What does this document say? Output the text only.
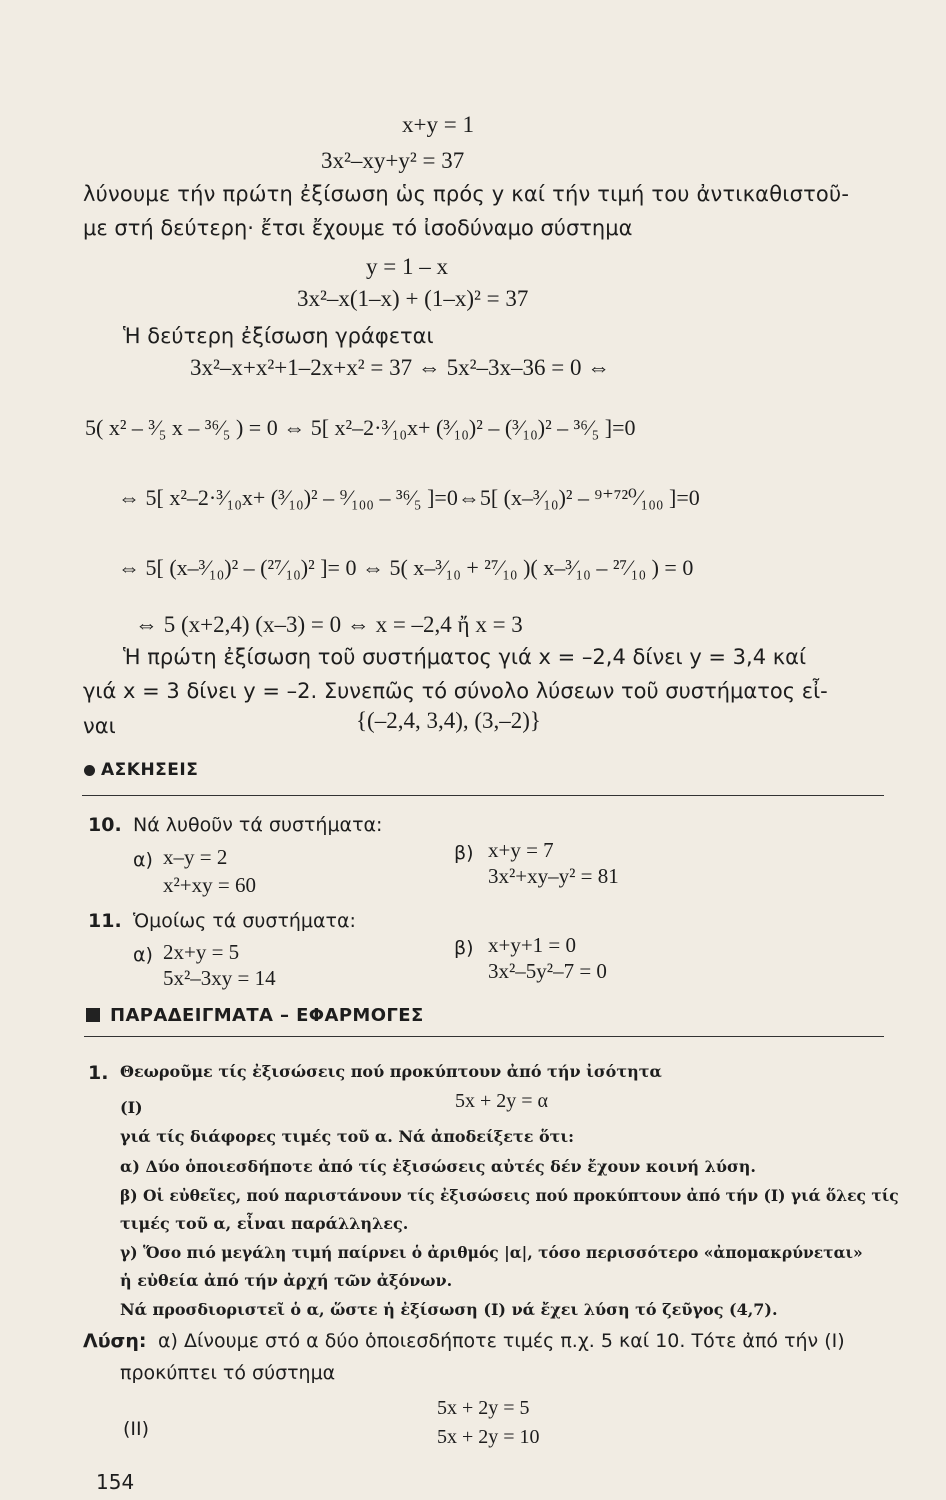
x+y = 1
3x²–xy+y² = 37
λύνουμε τήν πρώτη ἐξίσωση ὡς πρός y καί τήν τιμή του ἀντικαθιστοῦ-
με στή δεύτερη· ἔτσι ἔχουμε τό ἰσοδύναμο σύστημα
y = 1 – x
3x²–x(1–x) + (1–x)² = 37
Ἡ δεύτερη ἐξίσωση γράφεται
3x²–x+x²+1–2x+x² = 37 ⇔ 5x²–3x–36 = 0 ⇔
5( x² – ³⁄₅ x – ³⁶⁄₅ ) = 0 ⇔ 5[ x²–2·³⁄₁₀x+ (³⁄₁₀)² – (³⁄₁₀)² – ³⁶⁄₅ ]=0
⇔ 5[ x²–2·³⁄₁₀x+ (³⁄₁₀)² – ⁹⁄₁₀₀ – ³⁶⁄₅ ]=0⇔5[ (x–³⁄₁₀)² – ⁹⁺⁷²⁰⁄₁₀₀ ]=0
⇔ 5[ (x–³⁄₁₀)² – (²⁷⁄₁₀)² ]= 0 ⇔ 5( x–³⁄₁₀ + ²⁷⁄₁₀ )( x–³⁄₁₀ – ²⁷⁄₁₀ ) = 0
⇔ 5 (x+2,4) (x–3) = 0 ⇔ x = –2,4 ἤ x = 3
Ἡ πρώτη ἐξίσωση τοῦ συστήματος γιά x = –2,4 δίνει y = 3,4 καί
γιά x = 3 δίνει y = –2. Συνεπῶς τό σύνολο λύσεων τοῦ συστήματος εἶ-
ναι	{(–2,4, 3,4), (3,–2)}
ΑΣΚΗΣΕΙΣ
10. Νά λυθοῦν τά συστήματα:
α) x–y = 2
x²+xy = 60
β) x+y = 7
3x²+xy–y² = 81
11. Ὁμοίως τά συστήματα:
α) 2x+y = 5
5x²–3xy = 14
β) x+y+1 = 0
3x²–5y²–7 = 0
ΠΑΡΑΔΕΙΓΜΑΤΑ – ΕΦΑΡΜΟΓΕΣ
1. Θεωροῦμε τίς ἐξισώσεις πού προκύπτουν ἀπό τήν ἰσότητα
(I)	5x + 2y = α
γιά τίς διάφορες τιμές τοῦ α. Νά ἀποδείξετε ὅτι:
α) Δύο ὁποιεσδήποτε ἀπό τίς ἐξισώσεις αὐτές δέν ἔχουν κοινή λύση.
β) Οἱ εὐθεῖες, πού παριστάνουν τίς ἐξισώσεις πού προκύπτουν ἀπό τήν (I) γιά ὅλες τίς
τιμές τοῦ α, εἶναι παράλληλες.
γ) Ὅσο πιό μεγάλη τιμή παίρνει ὁ ἀριθμός |α|, τόσο περισσότερο «ἀπομακρύνεται»
ἡ εὐθεία ἀπό τήν ἀρχή τῶν ἀξόνων.
Νά προσδιοριστεῖ ὁ α, ὥστε ἡ ἐξίσωση (I) νά ἔχει λύση τό ζεῦγος (4,7).
Λύση: α) Δίνουμε στό α δύο ὁποιεσδήποτε τιμές π.χ. 5 καί 10. Τότε ἀπό τήν (I)
προκύπτει τό σύστημα
(II)
5x + 2y = 5
5x + 2y = 10
154
